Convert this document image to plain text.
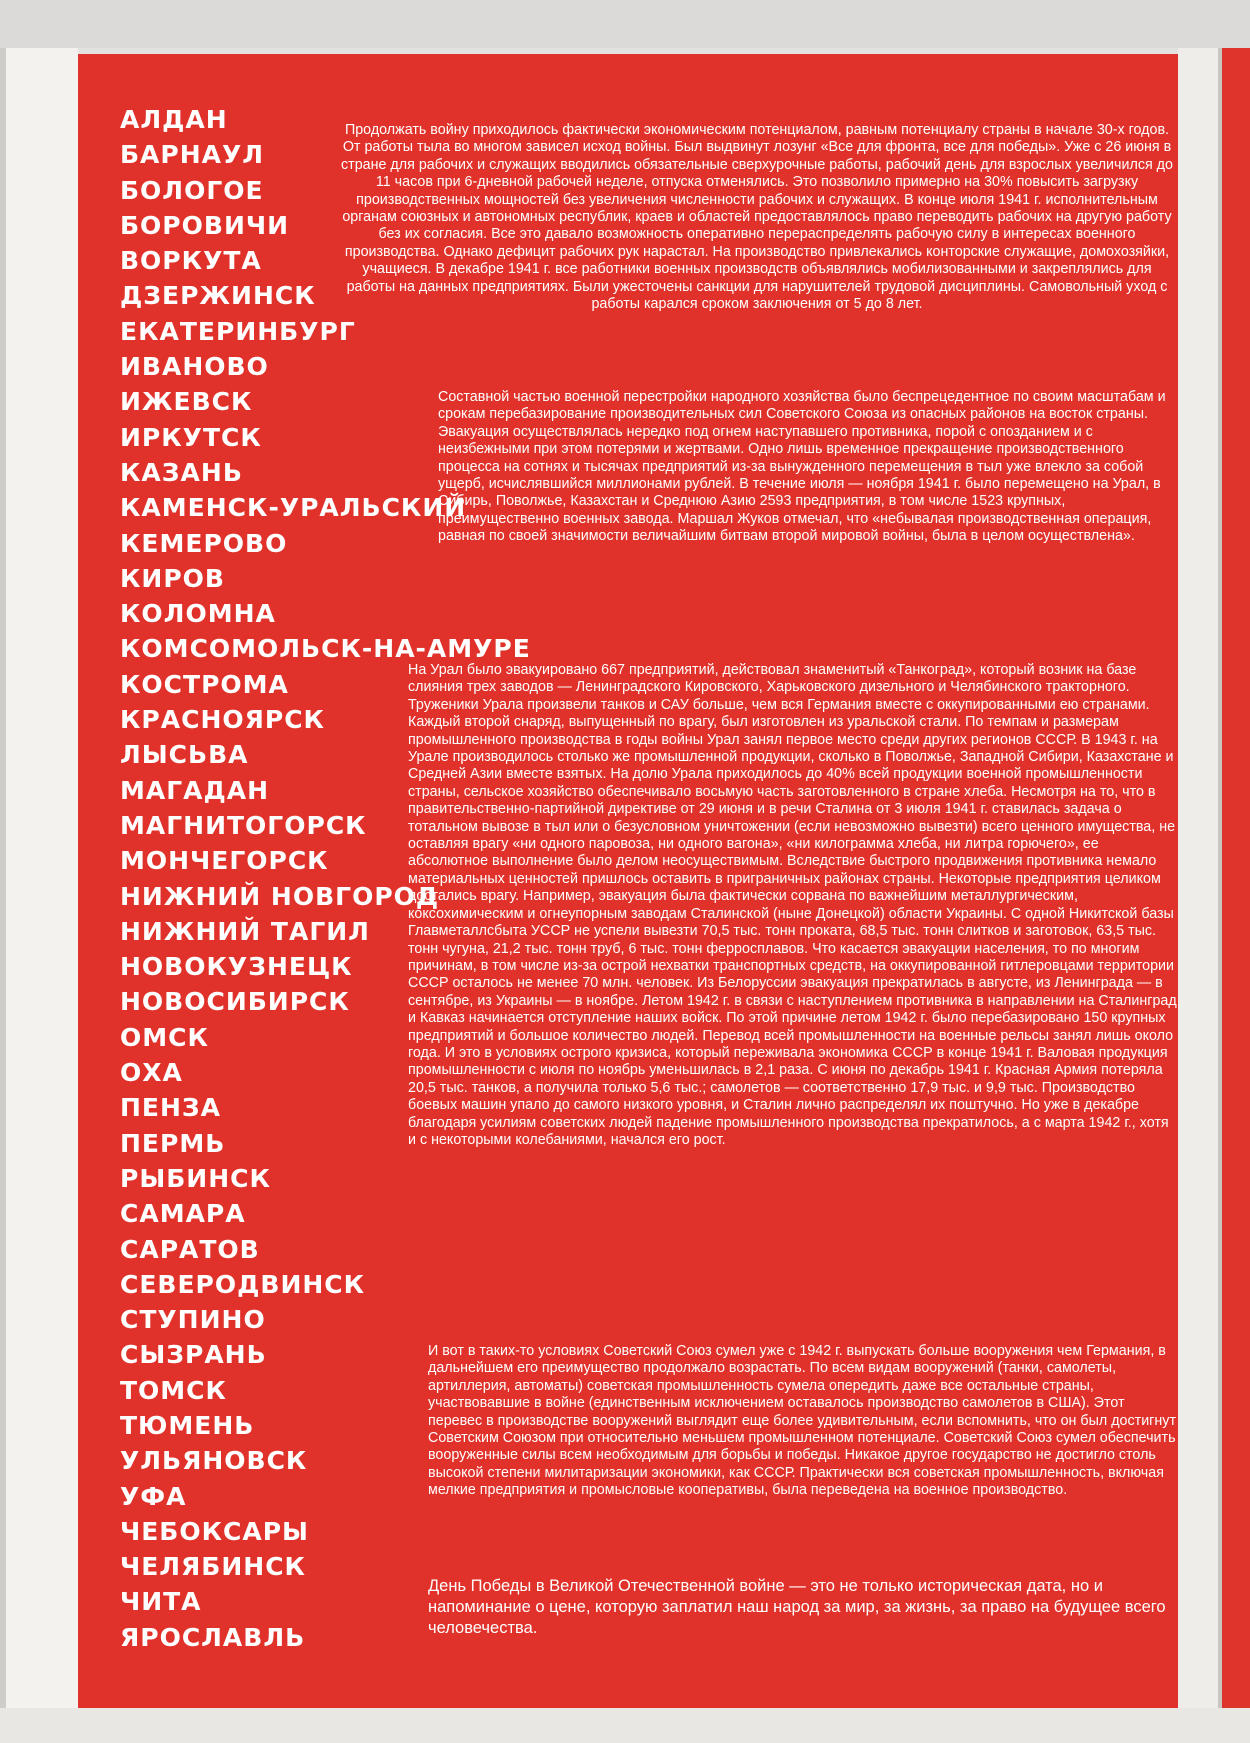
АЛДАН
БАРНАУЛ
БОЛОГОЕ
БОРОВИЧИ
ВОРКУТА
ДЗЕРЖИНСК
ЕКАТЕРИНБУРГ
ИВАНОВО
ИЖЕВСК
ИРКУТСК
КАЗАНЬ
КАМЕНСК-УРАЛЬСКИЙ
КЕМЕРОВО
КИРОВ
КОЛОМНА
КОМСОМОЛЬСК-НА-АМУРЕ
КОСТРОМА
КРАСНОЯРСК
ЛЫСЬВА
МАГАДАН
МАГНИТОГОРСК
МОНЧЕГОРСК
НИЖНИЙ НОВГОРОД
НИЖНИЙ ТАГИЛ
НОВОКУЗНЕЦК
НОВОСИБИРСК
ОМСК
ОХА
ПЕНЗА
ПЕРМЬ
РЫБИНСК
САМАРА
САРАТОВ
СЕВЕРОДВИНСК
СТУПИНО
СЫЗРАНЬ
ТОМСК
ТЮМЕНЬ
УЛЬЯНОВСК
УФА
ЧЕБОКСАРЫ
ЧЕЛЯБИНСК
ЧИТА
ЯРОСЛАВЛЬ

Продолжать войну приходилось фактически экономическим потенциалом, равным потенциалу страны в начале 30-х годов. От работы тыла во многом зависел исход войны. Был выдвинут лозунг «Все для фронта, все для победы». Уже с 26 июня в стране для рабочих и служащих вводились обязательные сверхурочные работы, рабочий день для взрослых увеличился до 11 часов при 6-дневной рабочей неделе, отпуска отменялись. Это позволило примерно на 30% повысить загрузку производственных мощностей без увеличения численности рабочих и служащих. В конце июля 1941 г. исполнительным органам союзных и автономных республик, краев и областей предоставлялось право переводить рабочих на другую работу без их согласия. Все это давало возможность оперативно перераспределять рабочую силу в интересах военного производства. Однако дефицит рабочих рук нарастал. На производство привлекались конторские служащие, домохозяйки, учащиеся. В декабре 1941 г. все работники военных производств объявлялись мобилизованными и закреплялись для работы на данных предприятиях. Были ужесточены санкции для нарушителей трудовой дисциплины. Самовольный уход с работы карался сроком заключения от 5 до 8 лет.

Составной частью военной перестройки народного хозяйства было беспрецедентное по своим масштабам и срокам перебазирование производительных сил Советского Союза из опасных районов на восток страны. Эвакуация осуществлялась нередко под огнем наступавшего противника, порой с опозданием и с неизбежными при этом потерями и жертвами. Одно лишь временное прекращение производственного процесса на сотнях и тысячах предприятий из-за вынужденного перемещения в тыл уже влекло за собой ущерб, исчислявшийся миллионами рублей. В течение июля — ноября 1941 г. было перемещено на Урал, в Сибирь, Поволжье, Казахстан и Среднюю Азию 2593 предприятия, в том числе 1523 крупных, преимущественно военных завода. Маршал Жуков отмечал, что «небывалая производственная операция, равная по своей значимости величайшим битвам второй мировой войны, была в целом осуществлена».

На Урал было эвакуировано 667 предприятий, действовал знаменитый «Танкоград», который возник на базе слияния трех заводов — Ленинградского Кировского, Харьковского дизельного и Челябинского тракторного. Труженики Урала произвели танков и САУ больше, чем вся Германия вместе с оккупированными ею странами. Каждый второй снаряд, выпущенный по врагу, был изготовлен из уральской стали. По темпам и размерам промышленного производства в годы войны Урал занял первое место среди других регионов СССР. В 1943 г. на Урале производилось столько же промышленной продукции, сколько в Поволжье, Западной Сибири, Казахстане и Средней Азии вместе взятых. На долю Урала приходилось до 40% всей продукции военной промышленности страны, сельское хозяйство обеспечивало восьмую часть заготовленного в стране хлеба. Несмотря на то, что в правительственно-партийной директиве от 29 июня и в речи Сталина от 3 июля 1941 г. ставилась задача о тотальном вывозе в тыл или о безусловном уничтожении (если невозможно вывезти) всего ценного имущества, не оставляя врагу «ни одного паровоза, ни одного вагона», «ни килограмма хлеба, ни литра горючего», ее абсолютное выполнение было делом неосуществимым. Вследствие быстрого продвижения противника немало материальных ценностей пришлось оставить в приграничных районах страны. Некоторые предприятия целиком достались врагу. Например, эвакуация была фактически сорвана по важнейшим металлургическим, коксохимическим и огнеупорным заводам Сталинской (ныне Донецкой) области Украины. С одной Никитской базы Главметаллсбыта УССР не успели вывезти 70,5 тыс. тонн проката, 68,5 тыс. тонн слитков и заготовок, 63,5 тыс. тонн чугуна, 21,2 тыс. тонн труб, 6 тыс. тонн ферросплавов. Что касается эвакуации населения, то по многим причинам, в том числе из-за острой нехватки транспортных средств, на оккупированной гитлеровцами территории СССР осталось не менее 70 млн. человек. Из Белоруссии эвакуация прекратилась в августе, из Ленинграда — в сентябре, из Украины — в ноябре. Летом 1942 г. в связи с наступлением противника в направлении на Сталинград и Кавказ начинается отступление наших войск. По этой причине летом 1942 г. было перебазировано 150 крупных предприятий и большое количество людей. Перевод всей промышленности на военные рельсы занял лишь около года. И это в условиях острого кризиса, который переживала экономика СССР в конце 1941 г. Валовая продукция промышленности с июля по ноябрь уменьшилась в 2,1 раза. С июня по декабрь 1941 г. Красная Армия потеряла 20,5 тыс. танков, а получила только 5,6 тыс.; самолетов — соответственно 17,9 тыс. и 9,9 тыс. Производство боевых машин упало до самого низкого уровня, и Сталин лично распределял их поштучно. Но уже в декабре благодаря усилиям советских людей падение промышленного производства прекратилось, а с марта 1942 г., хотя и с некоторыми колебаниями, начался его рост.

И вот в таких-то условиях Советский Союз сумел уже с 1942 г. выпускать больше вооружения чем Германия, в дальнейшем его преимущество продолжало возрастать. По всем видам вооружений (танки, самолеты, артиллерия, автоматы) советская промышленность сумела опередить даже все остальные страны, участвовавшие в войне (единственным исключением оставалось производство самолетов в США). Этот перевес в производстве вооружений выглядит еще более удивительным, если вспомнить, что он был достигнут Советским Союзом при относительно меньшем промышленном потенциале. Советский Союз сумел обеспечить вооруженные силы всем необходимым для борьбы и победы. Никакое другое государство не достигло столь высокой степени милитаризации экономики, как СССР. Практически вся советская промышленность, включая мелкие предприятия и промысловые кооперативы, была переведена на военное производство.

День Победы в Великой Отечественной войне — это не только историческая дата, но и напоминание о цене, которую заплатил наш народ за мир, за жизнь, за право на будущее всего человечества.
